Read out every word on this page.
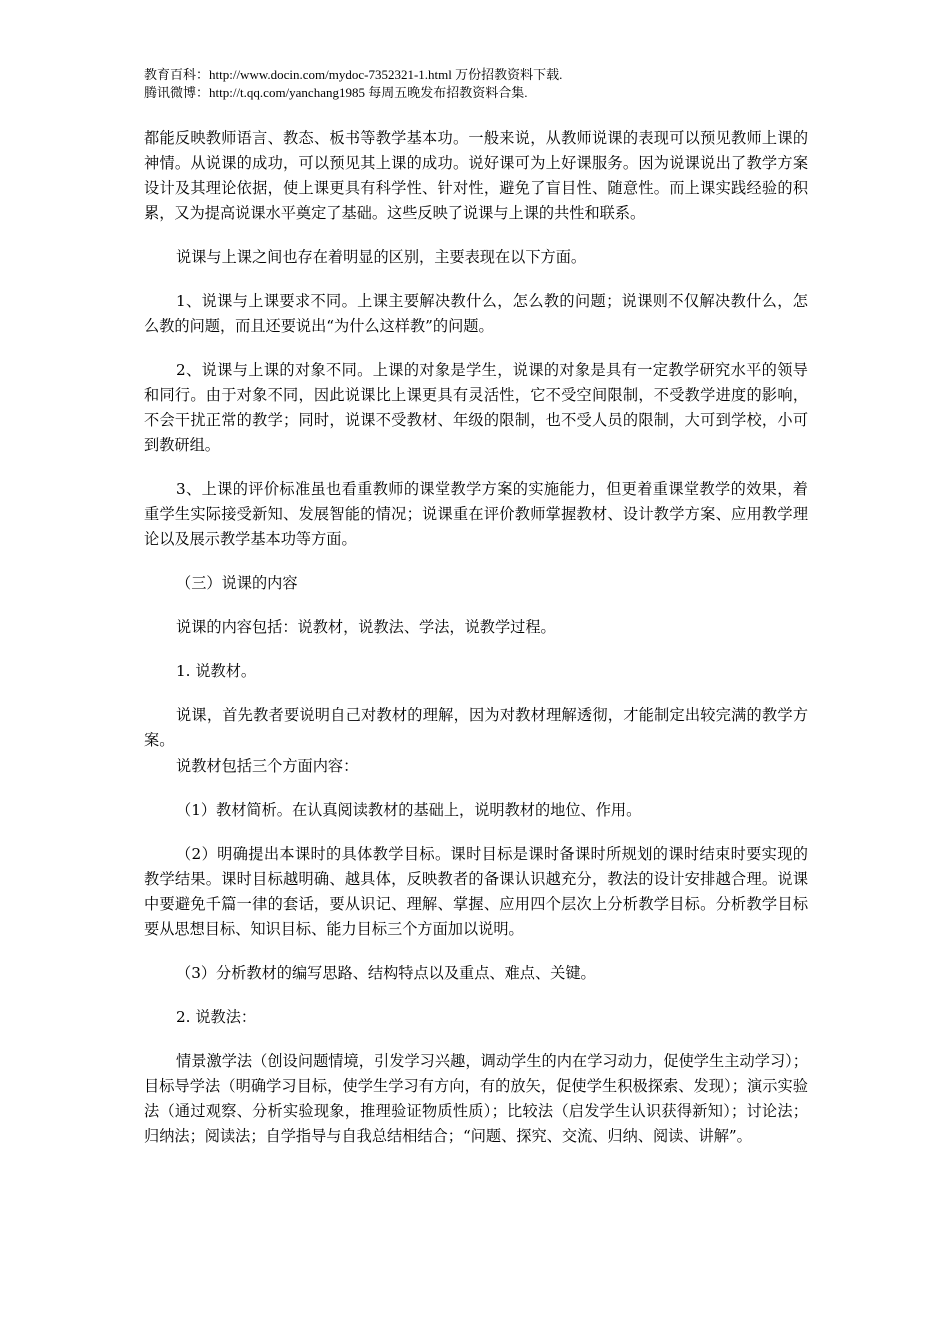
教育百科：http://www.docin.com/mydoc-7352321-1.html 万份招教资料下载.
腾讯微博：http://t.qq.com/yanchang1985 每周五晚发布招教资料合集.

都能反映教师语言、教态、板书等教学基本功。一般来说，从教师说课的表现可以预见教师上课的神情。从说课的成功，可以预见其上课的成功。说好课可为上好课服务。因为说课说出了教学方案设计及其理论依据，使上课更具有科学性、针对性，避免了盲目性、随意性。而上课实践经验的积累，又为提高说课水平奠定了基础。这些反映了说课与上课的共性和联系。

说课与上课之间也存在着明显的区别，主要表现在以下方面。

1、说课与上课要求不同。上课主要解决教什么，怎么教的问题；说课则不仅解决教什么，怎么教的问题，而且还要说出“为什么这样教”的问题。

2、说课与上课的对象不同。上课的对象是学生，说课的对象是具有一定教学研究水平的领导和同行。由于对象不同，因此说课比上课更具有灵活性，它不受空间限制，不受教学进度的影响，不会干扰正常的教学；同时，说课不受教材、年级的限制，也不受人员的限制，大可到学校，小可到教研组。

3、上课的评价标准虽也看重教师的课堂教学方案的实施能力，但更着重课堂教学的效果，着重学生实际接受新知、发展智能的情况；说课重在评价教师掌握教材、设计教学方案、应用教学理论以及展示教学基本功等方面。

（三）说课的内容

说课的内容包括：说教材，说教法、学法，说教学过程。

1. 说教材。

说课，首先教者要说明自己对教材的理解，因为对教材理解透彻，才能制定出较完满的教学方案。

说教材包括三个方面内容：

（1）教材简析。在认真阅读教材的基础上，说明教材的地位、作用。

（2）明确提出本课时的具体教学目标。课时目标是课时备课时所规划的课时结束时要实现的教学结果。课时目标越明确、越具体，反映教者的备课认识越充分，教法的设计安排越合理。说课中要避免千篇一律的套话，要从识记、理解、掌握、应用四个层次上分析教学目标。分析教学目标要从思想目标、知识目标、能力目标三个方面加以说明。

（3）分析教材的编写思路、结构特点以及重点、难点、关键。

2. 说教法：

情景激学法（创设问题情境，引发学习兴趣，调动学生的内在学习动力，促使学生主动学习）；目标导学法（明确学习目标，使学生学习有方向，有的放矢，促使学生积极探索、发现）；演示实验法（通过观察、分析实验现象，推理验证物质性质）；比较法（启发学生认识获得新知）；讨论法；归纳法；阅读法；自学指导与自我总结相结合；“问题、探究、交流、归纳、阅读、讲解”。
